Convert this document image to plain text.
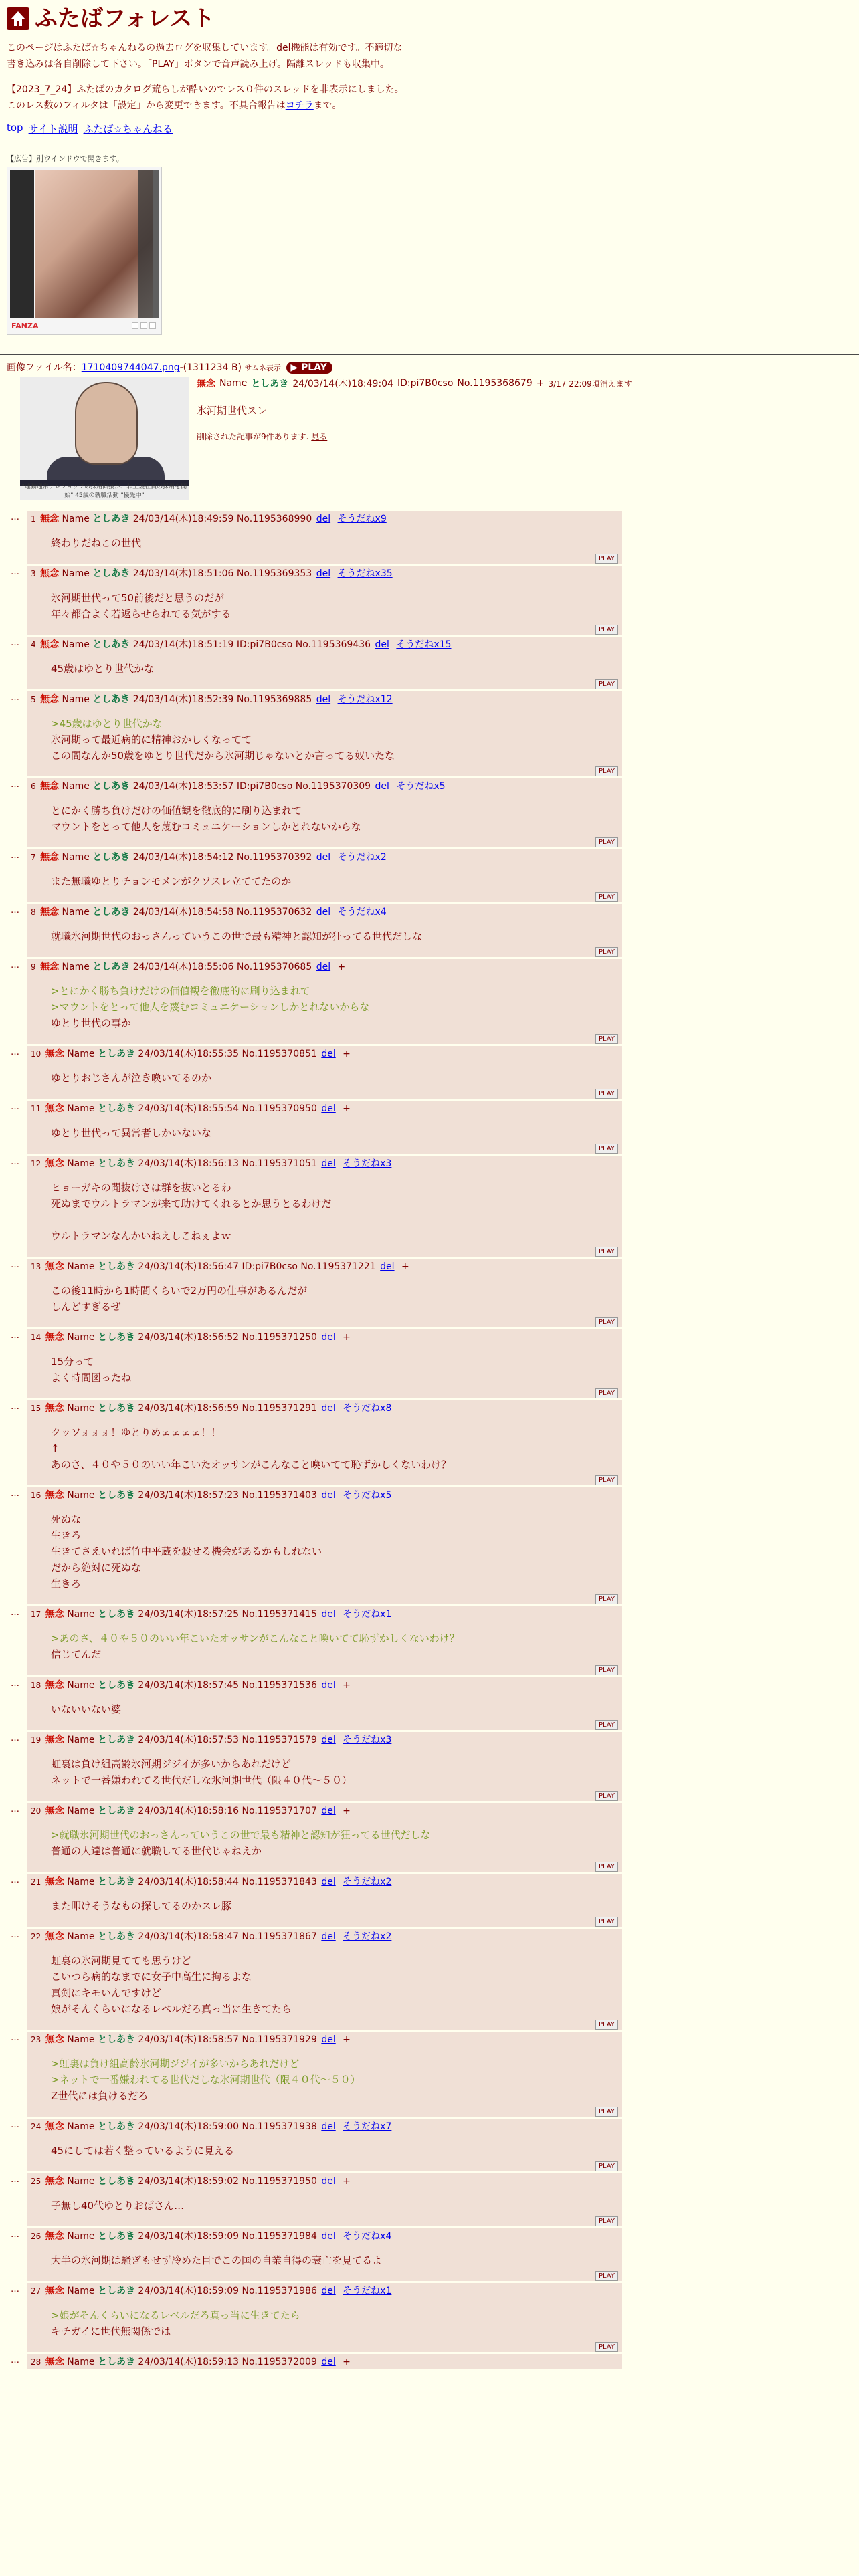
ふたばフォレスト

このページはふたば☆ちゃんねるの過去ログを収集しています。del機能は有効です。不適切な書き込みは各自削除して下さい。「PLAY」ボタンで音声読み上げ。隔離スレッドも収集中。

【2023_7_24】ふたばのカタログ荒らしが酷いのでレス０件のスレッドを非表示にしました。このレス数のフィルタは「設定」から変更できます。不具合報告はコチラまで。

top サイト説明 ふたば☆ちゃんねる
【広告】別ウインドウで開きます。
FANZA
画像ファイル名：1710409744047.png-(1311234 B) サムネ表示 ▶ PLAY
"連動通常テレショップの採用面接が、非正規社員の採用を開始" 45歳の就職活動 "優先中"
無念 Name としあき 24/03/14(木)18:49:04 ID:pi7B0cso No.1195368679 + 3/17 22:09頃消えます
氷河期世代スレ
削除された記事が9件あります. 見る
…	1 無念 Name としあき 24/03/14(木)18:49:59 No.1195368990 del そうだねx9
終わりだねこの世代
PLAY
…	3 無念 Name としあき 24/03/14(木)18:51:06 No.1195369353 del そうだねx35
氷河期世代って50前後だと思うのだが
年々都合よく若返らせられてる気がする
PLAY
…	4 無念 Name としあき 24/03/14(木)18:51:19 ID:pi7B0cso No.1195369436 del そうだねx15
45歳はゆとり世代かな
PLAY
…	5 無念 Name としあき 24/03/14(木)18:52:39 No.1195369885 del そうだねx12
>45歳はゆとり世代かな
氷河期って最近病的に精神おかしくなってて
この間なんか50歳をゆとり世代だから氷河期じゃないとか言ってる奴いたな
PLAY
…	6 無念 Name としあき 24/03/14(木)18:53:57 ID:pi7B0cso No.1195370309 del そうだねx5
とにかく勝ち負けだけの価値観を徹底的に刷り込まれて
マウントをとって他人を蔑むコミュニケーションしかとれないからな
PLAY
…	7 無念 Name としあき 24/03/14(木)18:54:12 No.1195370392 del そうだねx2
また無職ゆとりチョンモメンがクソスレ立ててたのか
PLAY
…	8 無念 Name としあき 24/03/14(木)18:54:58 No.1195370632 del そうだねx4
就職氷河期世代のおっさんっていうこの世で最も精神と認知が狂ってる世代だしな
PLAY
…	9 無念 Name としあき 24/03/14(木)18:55:06 No.1195370685 del +
>とにかく勝ち負けだけの価値観を徹底的に刷り込まれて
>マウントをとって他人を蔑むコミュニケーションしかとれないからな
ゆとり世代の事か
PLAY
…	10 無念 Name としあき 24/03/14(木)18:55:35 No.1195370851 del +
ゆとりおじさんが泣き喚いてるのか
PLAY
…	11 無念 Name としあき 24/03/14(木)18:55:54 No.1195370950 del +
ゆとり世代って異常者しかいないな
PLAY
…	12 無念 Name としあき 24/03/14(木)18:56:13 No.1195371051 del そうだねx3
ヒョーガキの聞抜けさは群を抜いとるわ
死ぬまでウルトラマンが来て助けてくれるとか思うとるわけだ
ウルトラマンなんかいねえしこねぇよｗ
PLAY
…	13 無念 Name としあき 24/03/14(木)18:56:47 ID:pi7B0cso No.1195371221 del +
この後11時から1時間くらいで2万円の仕事があるんだが
しんどすぎるぜ
PLAY
…	14 無念 Name としあき 24/03/14(木)18:56:52 No.1195371250 del +
15分って
よく時間図ったね
PLAY
…	15 無念 Name としあき 24/03/14(木)18:56:59 No.1195371291 del そうだねx8
クッソォォォ！ゆとりめェェェェ！！
↑
あのさ、４０や５０のいい年こいたオッサンがこんなこと喚いてて恥ずかしくないわけ？
PLAY
…	16 無念 Name としあき 24/03/14(木)18:57:23 No.1195371403 del そうだねx5
死ぬな
生きろ
生きてさえいれば竹中平蔵を殺せる機会があるかもしれない
だから絶対に死ぬな
生きろ
PLAY
…	17 無念 Name としあき 24/03/14(木)18:57:25 No.1195371415 del そうだねx1
>あのさ、４０や５０のいい年こいたオッサンがこんなこと喚いてて恥ずかしくないわけ？
信じてんだ
PLAY
…	18 無念 Name としあき 24/03/14(木)18:57:45 No.1195371536 del +
いないいない婆
PLAY
…	19 無念 Name としあき 24/03/14(木)18:57:53 No.1195371579 del そうだねx3
虹裏は負け組高齢氷河期ジジイが多いからあれだけど
ネットで一番嫌われてる世代だしな氷河期世代（限４０代～５０）
PLAY
…	20 無念 Name としあき 24/03/14(木)18:58:16 No.1195371707 del +
>就職氷河期世代のおっさんっていうこの世で最も精神と認知が狂ってる世代だしな
普通の人達は普通に就職してる世代じゃねえか
PLAY
…	21 無念 Name としあき 24/03/14(木)18:58:44 No.1195371843 del そうだねx2
また叩けそうなもの探してるのかスレ豚
PLAY
…	22 無念 Name としあき 24/03/14(木)18:58:47 No.1195371867 del そうだねx2
虹裏の氷河期見てても思うけど
こいつら病的なまでに女子中高生に拘るよな
真剣にキモいんですけど
娘がそんくらいになるレベルだろ真っ当に生きてたら
PLAY
…	23 無念 Name としあき 24/03/14(木)18:58:57 No.1195371929 del +
>虹裏は負け組高齢氷河期ジジイが多いからあれだけど
>ネットで一番嫌われてる世代だしな氷河期世代（限４０代～５０）
Z世代には負けるだろ
PLAY
…	24 無念 Name としあき 24/03/14(木)18:59:00 No.1195371938 del そうだねx7
45にしては若く整っているように見える
PLAY
…	25 無念 Name としあき 24/03/14(木)18:59:02 No.1195371950 del +
子無し40代ゆとりおばさん…
PLAY
…	26 無念 Name としあき 24/03/14(木)18:59:09 No.1195371984 del そうだねx4
大半の氷河期は騒ぎもせず冷めた目でこの国の自業自得の衰亡を見てるよ
PLAY
…	27 無念 Name としあき 24/03/14(木)18:59:09 No.1195371986 del そうだねx1
>娘がそんくらいになるレベルだろ真っ当に生きてたら
キチガイに世代無関係では
PLAY
…	28 無念 Name としあき 24/03/14(木)18:59:13 No.1195372009 del +
